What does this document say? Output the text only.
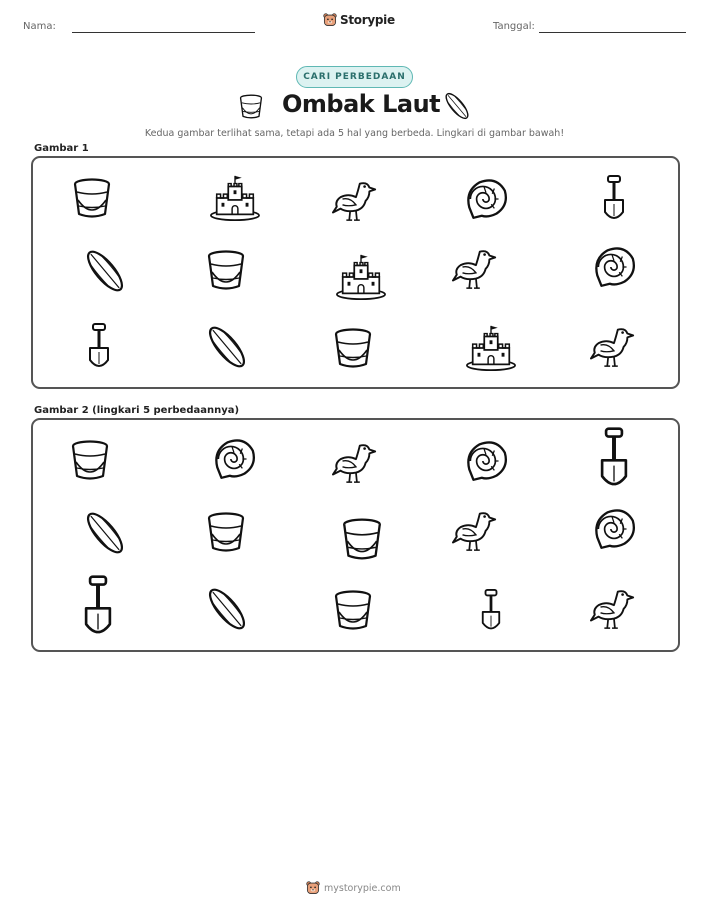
Nama:	Storypie	Tanggal:
CARI PERBEDAAN
Ombak Laut
Kedua gambar terlihat sama, tetapi ada 5 hal yang berbeda. Lingkari di gambar bawah!
Gambar 1
Gambar 2 (lingkari 5 perbedaannya)
mystorypie.com
